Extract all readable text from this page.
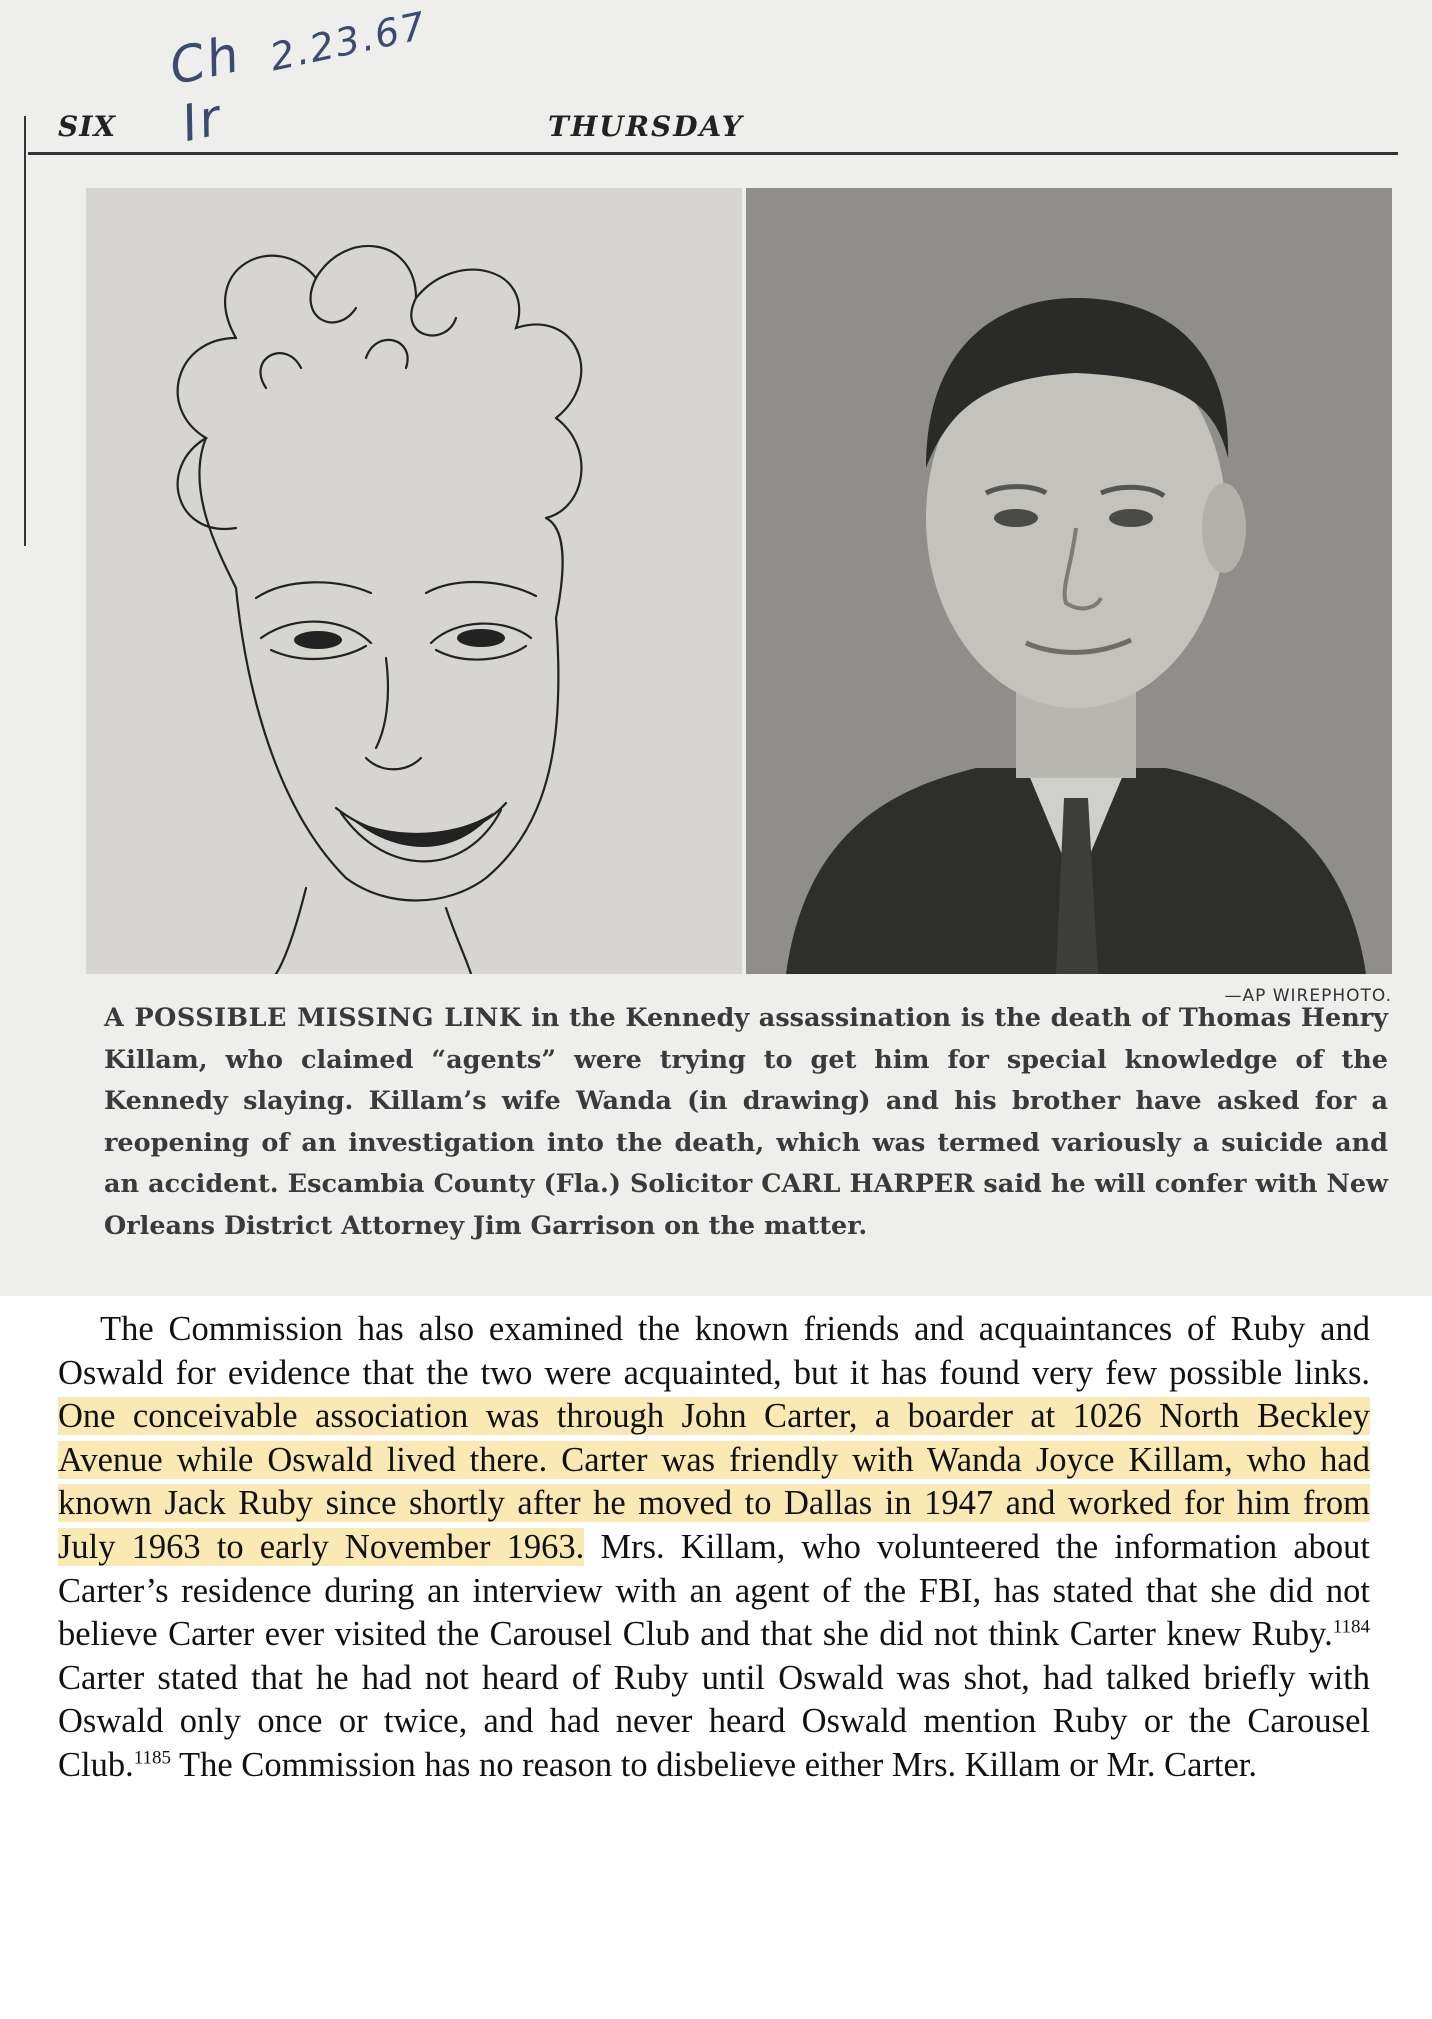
Ch Ir
2.23.67
SIX	THURSDAY
—AP WIREPHOTO.
A POSSIBLE MISSING LINK in the Kennedy assassination is the death of Thomas Henry Killam, who claimed “agents” were trying to get him for special knowledge of the Kennedy slaying. Killam’s wife Wanda (in drawing) and his brother have asked for a reopening of an investigation into the death, which was termed variously a suicide and an accident. Escambia County (Fla.) Solicitor CARL HARPER said he will confer with New Orleans District Attorney Jim Garrison on the matter.

The Commission has also examined the known friends and acquaintances of Ruby and Oswald for evidence that the two were acquainted, but it has found very few possible links. One conceivable association was through John Carter, a boarder at 1026 North Beckley Avenue while Oswald lived there. Carter was friendly with Wanda Joyce Killam, who had known Jack Ruby since shortly after he moved to Dallas in 1947 and worked for him from July 1963 to early November 1963. Mrs. Killam, who volunteered the information about Carter’s residence during an interview with an agent of the FBI, has stated that she did not believe Carter ever visited the Carousel Club and that she did not think Carter knew Ruby.$^{1184}$ Carter stated that he had not heard of Ruby until Oswald was shot, had talked briefly with Oswald only once or twice, and had never heard Oswald mention Ruby or the Carousel Club.$^{1185}$ The Commission has no reason to disbelieve either Mrs. Killam or Mr. Carter.
